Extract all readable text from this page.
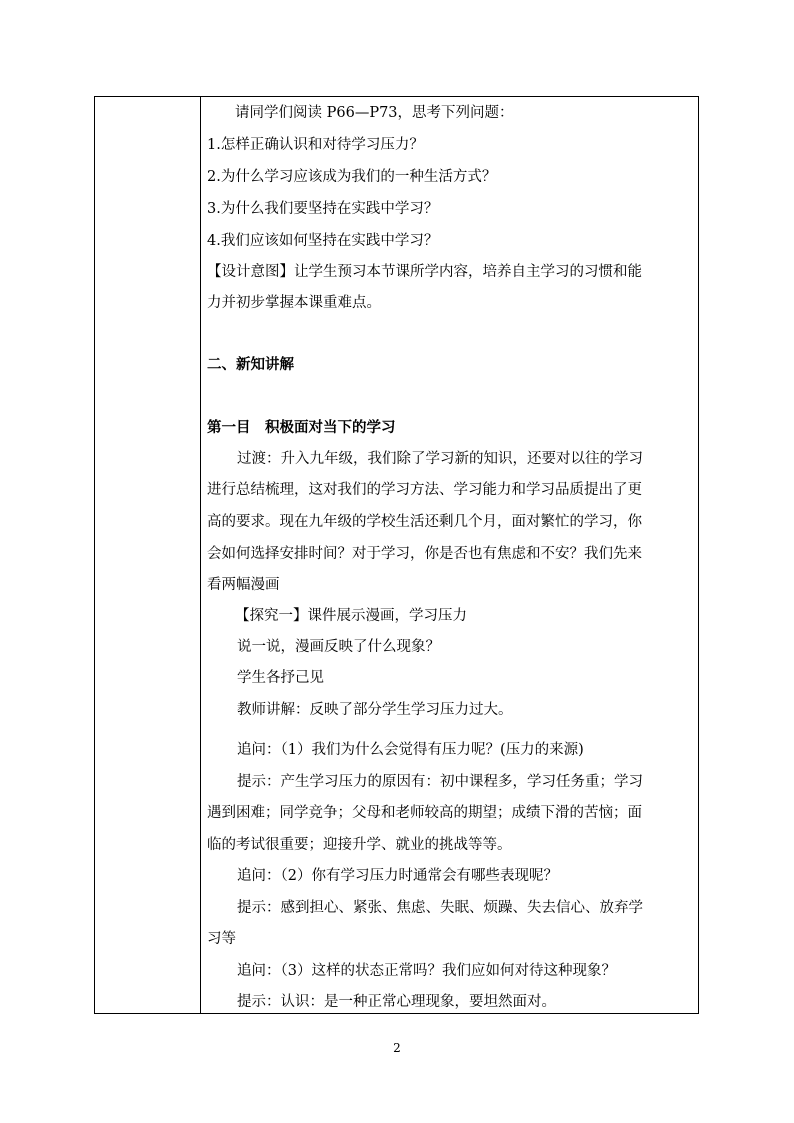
请同学们阅读 P66—P73，思考下列问题：
1.怎样正确认识和对待学习压力？
2.为什么学习应该成为我们的一种生活方式？
3.为什么我们要坚持在实践中学习？
4.我们应该如何坚持在实践中学习？
【设计意图】让学生预习本节课所学内容，培养自主学习的习惯和能
力并初步掌握本课重难点。
二、新知讲解
第一目　积极面对当下的学习
过渡：升入九年级，我们除了学习新的知识，还要对以往的学习
进行总结梳理，这对我们的学习方法、学习能力和学习品质提出了更
高的要求。现在九年级的学校生活还剩几个月，面对繁忙的学习，你
会如何选择安排时间？对于学习，你是否也有焦虑和不安？我们先来
看两幅漫画
【探究一】课件展示漫画，学习压力
说一说，漫画反映了什么现象？
学生各抒己见
教师讲解：反映了部分学生学习压力过大。
追问：（1）我们为什么会觉得有压力呢？(压力的来源)
提示：产生学习压力的原因有：初中课程多，学习任务重；学习
遇到困难；同学竞争；父母和老师较高的期望；成绩下滑的苦恼；面
临的考试很重要；迎接升学、就业的挑战等等。
追问：（2）你有学习压力时通常会有哪些表现呢？
提示：感到担心、紧张、焦虑、失眠、烦躁、失去信心、放弃学
习等
追问：（3）这样的状态正常吗？我们应如何对待这种现象？
提示：认识：是一种正常心理现象，要坦然面对。
2
